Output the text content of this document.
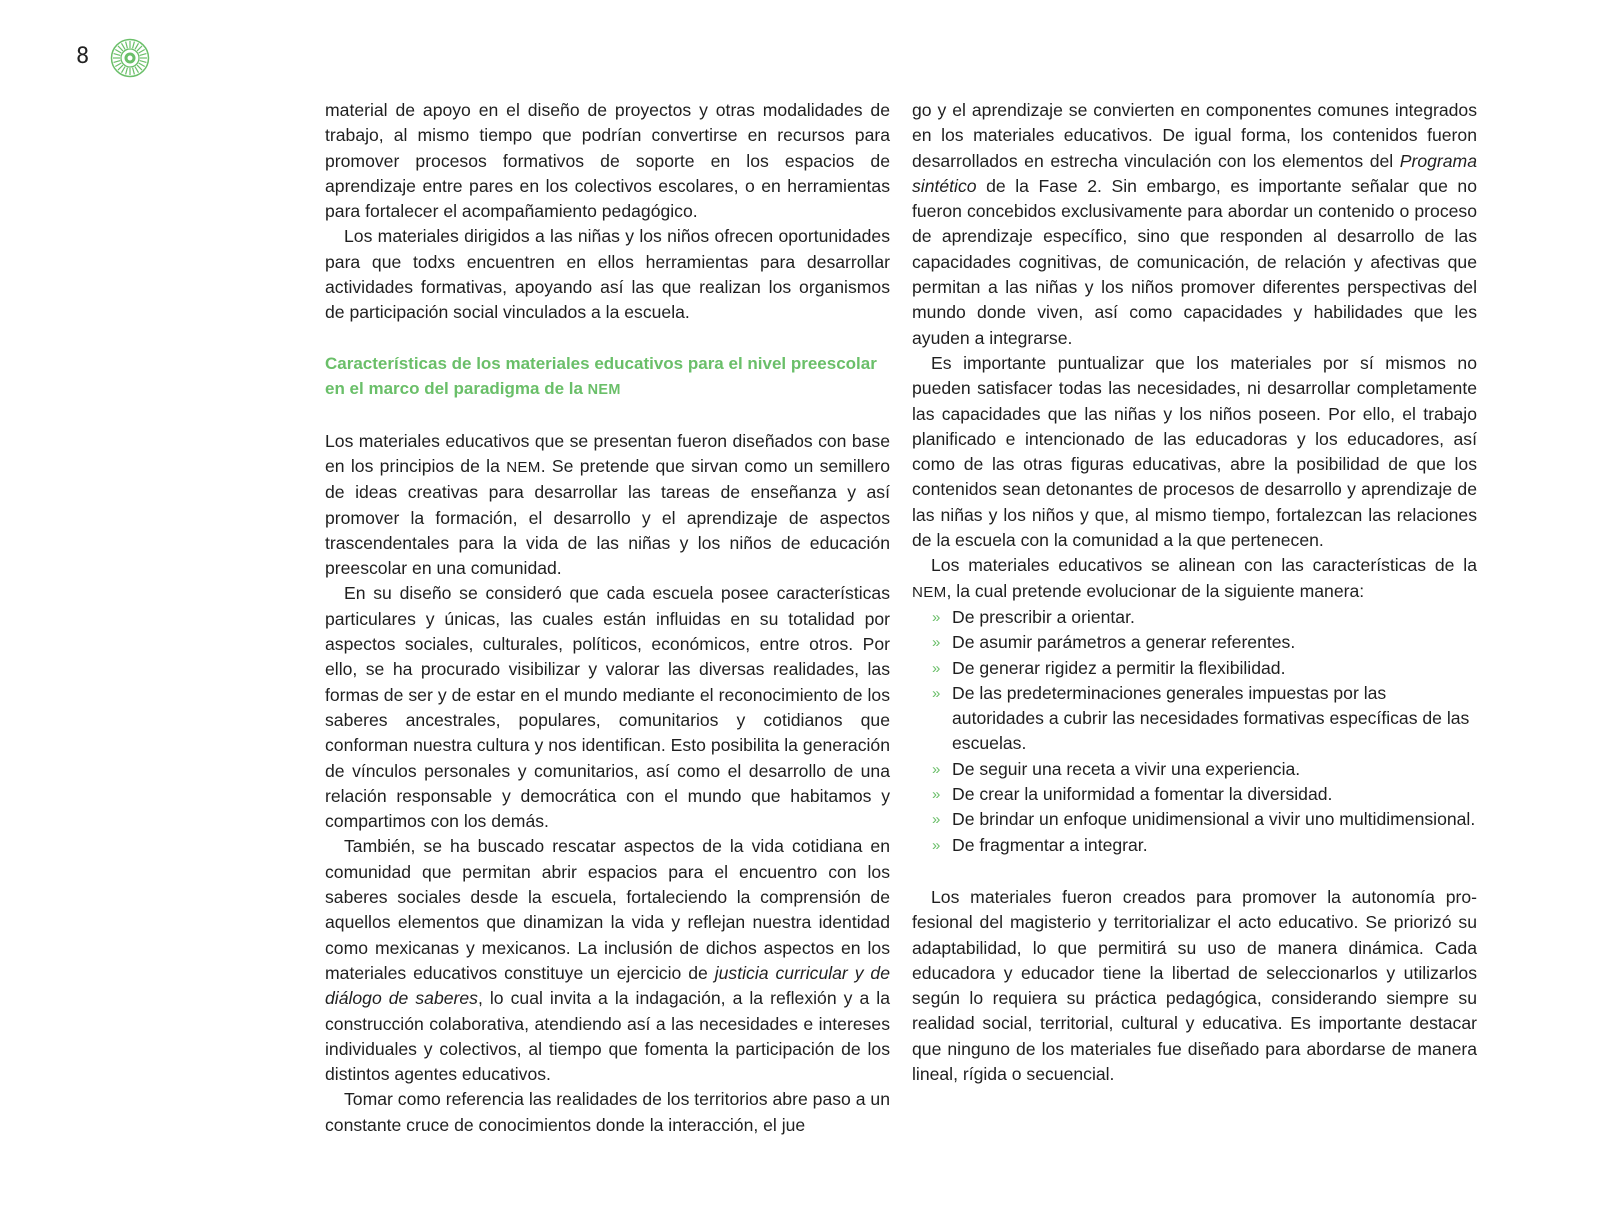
8

material de apoyo en el diseño de proyectos y otras modalidades de trabajo, al mismo tiempo que podrían convertirse en recursos para promover procesos formativos de soporte en los espacios de aprendizaje entre pares en los colectivos escolares, o en herramientas para fortalecer el acompañamiento pedagógico.

Los materiales dirigidos a las niñas y los niños ofrecen oportunidades para que todxs encuentren en ellos herramientas para desarrollar actividades formativas, apoyando así las que realizan los organismos de participación social vinculados a la escuela.

Características de los materiales educativos para el nivel preescolar en el marco del paradigma de la NEM

Los materiales educativos que se presentan fueron diseñados con base en los principios de la NEM. Se pretende que sirvan como un semillero de ideas creativas para desarrollar las tareas de enseñanza y así promover la formación, el desarrollo y el aprendizaje de aspectos trascendentales para la vida de las niñas y los niños de educación preescolar en una comunidad.

En su diseño se consideró que cada escuela posee características particulares y únicas, las cuales están influidas en su totalidad por aspectos sociales, culturales, políticos, económicos, entre otros. Por ello, se ha procurado visibilizar y valorar las diversas realidades, las formas de ser y de estar en el mundo mediante el reconocimiento de los saberes ancestrales, populares, comunitarios y cotidianos que conforman nuestra cultura y nos identifican. Esto posibilita la generación de vínculos personales y comunitarios, así como el desarrollo de una relación responsable y democrática con el mundo que habitamos y compartimos con los demás.

También, se ha buscado rescatar aspectos de la vida cotidiana en comunidad que permitan abrir espacios para el encuentro con los saberes sociales desde la escuela, fortaleciendo la comprensión de aquellos elementos que dinamizan la vida y reflejan nuestra identidad como mexicanas y mexicanos. La inclusión de dichos aspectos en los materiales educativos constituye un ejercicio de justicia curricular y de diálogo de saberes, lo cual invita a la indagación, a la reflexión y a la construcción colaborativa, atendiendo así a las necesidades e intereses individuales y colectivos, al tiempo que fomenta la participación de los distintos agentes educativos.

Tomar como referencia las realidades de los territorios abre paso a un constante cruce de conocimientos donde la interacción, el jue

go y el aprendizaje se convierten en componentes comunes integrados en los materiales educativos. De igual forma, los contenidos fueron desarrollados en estrecha vinculación con los elementos del Programa sintético de la Fase 2. Sin embargo, es importante señalar que no fueron concebidos exclusivamente para abordar un contenido o proceso de aprendizaje específico, sino que responden al desarrollo de las capacidades cognitivas, de comunicación, de relación y afectivas que permitan a las niñas y los niños promover diferentes perspectivas del mundo donde viven, así como capacidades y habilidades que les ayuden a integrarse.

Es importante puntualizar que los materiales por sí mismos no pueden satisfacer todas las necesidades, ni desarrollar completamente las capacidades que las niñas y los niños poseen. Por ello, el trabajo planificado e intencionado de las educadoras y los educadores, así como de las otras figuras educativas, abre la posibilidad de que los contenidos sean detonantes de procesos de desarrollo y aprendizaje de las niñas y los niños y que, al mismo tiempo, fortalezcan las relaciones de la escuela con la comunidad a la que pertenecen.

Los materiales educativos se alinean con las características de la NEM, la cual pretende evolucionar de la siguiente manera:

» De prescribir a orientar.
» De asumir parámetros a generar referentes.
» De generar rigidez a permitir la flexibilidad.
» De las predeterminaciones generales impuestas por las autoridades a cubrir las necesidades formativas específicas de las escuelas.
» De seguir una receta a vivir una experiencia.
» De crear la uniformidad a fomentar la diversidad.
» De brindar un enfoque unidimensional a vivir uno multidimensional.
» De fragmentar a integrar.

Los materiales fueron creados para promover la autonomía profesional del magisterio y territorializar el acto educativo. Se priorizó su adaptabilidad, lo que permitirá su uso de manera dinámica. Cada educadora y educador tiene la libertad de seleccionarlos y utilizarlos según lo requiera su práctica pedagógica, considerando siempre su realidad social, territorial, cultural y educativa. Es importante destacar que ninguno de los materiales fue diseñado para abordarse de manera lineal, rígida o secuencial.
